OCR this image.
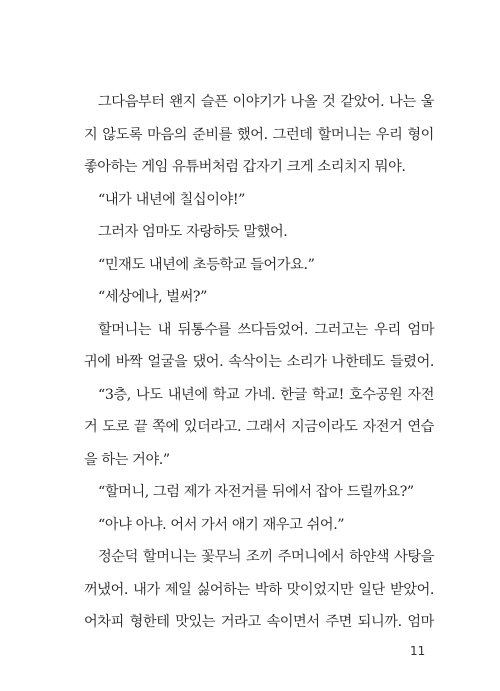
그다음부터 왠지 슬픈 이야기가 나올 것 같았어. 나는 울
지 않도록 마음의 준비를 했어. 그런데 할머니는 우리 형이
좋아하는 게임 유튜버처럼 갑자기 크게 소리치지 뭐야.
“내가 내년에 칠십이야!”
그러자 엄마도 자랑하듯 말했어.
“민재도 내년에 초등학교 들어가요.”
“세상에나, 벌써?”
할머니는 내 뒤통수를 쓰다듬었어. 그러고는 우리 엄마
귀에 바짝 얼굴을 댔어. 속삭이는 소리가 나한테도 들렸어.
“3층, 나도 내년에 학교 가네. 한글 학교! 호수공원 자전
거 도로 끝 쪽에 있더라고. 그래서 지금이라도 자전거 연습
을 하는 거야.”
“할머니, 그럼 제가 자전거를 뒤에서 잡아 드릴까요?”
“아냐 아냐. 어서 가서 애기 재우고 쉬어.”
정순덕 할머니는 꽃무늬 조끼 주머니에서 하얀색 사탕을
꺼냈어. 내가 제일 싫어하는 박하 맛이었지만 일단 받았어.
어차피 형한테 맛있는 거라고 속이면서 주면 되니까. 엄마
11
